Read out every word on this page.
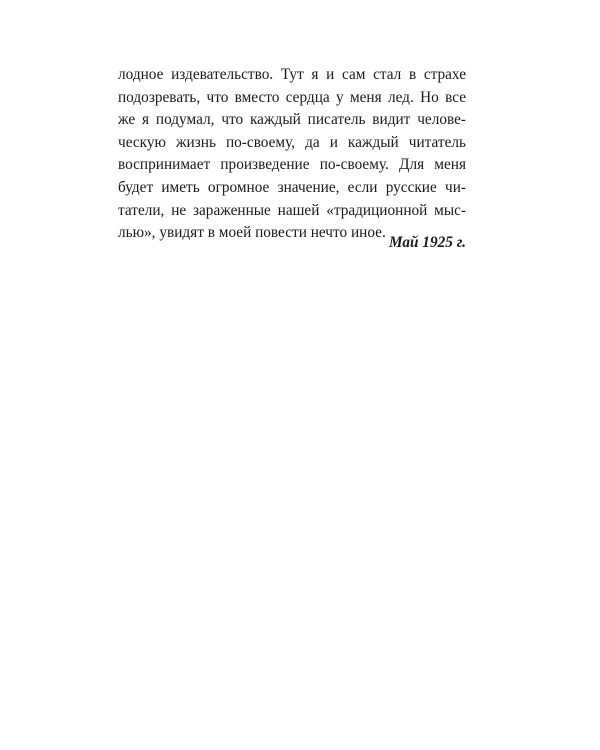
лодное издевательство. Тут я и сам стал в страхе
подозревать, что вместо сердца у меня лед. Но все
же я подумал, что каждый писатель видит челове-
ческую жизнь по-своему, да и каждый читатель
воспринимает произведение по-своему. Для меня
будет иметь огромное значение, если русские чи-
татели, не зараженные нашей «традиционной мыс-
лью», увидят в моей повести нечто иное.
Май 1925 г.
